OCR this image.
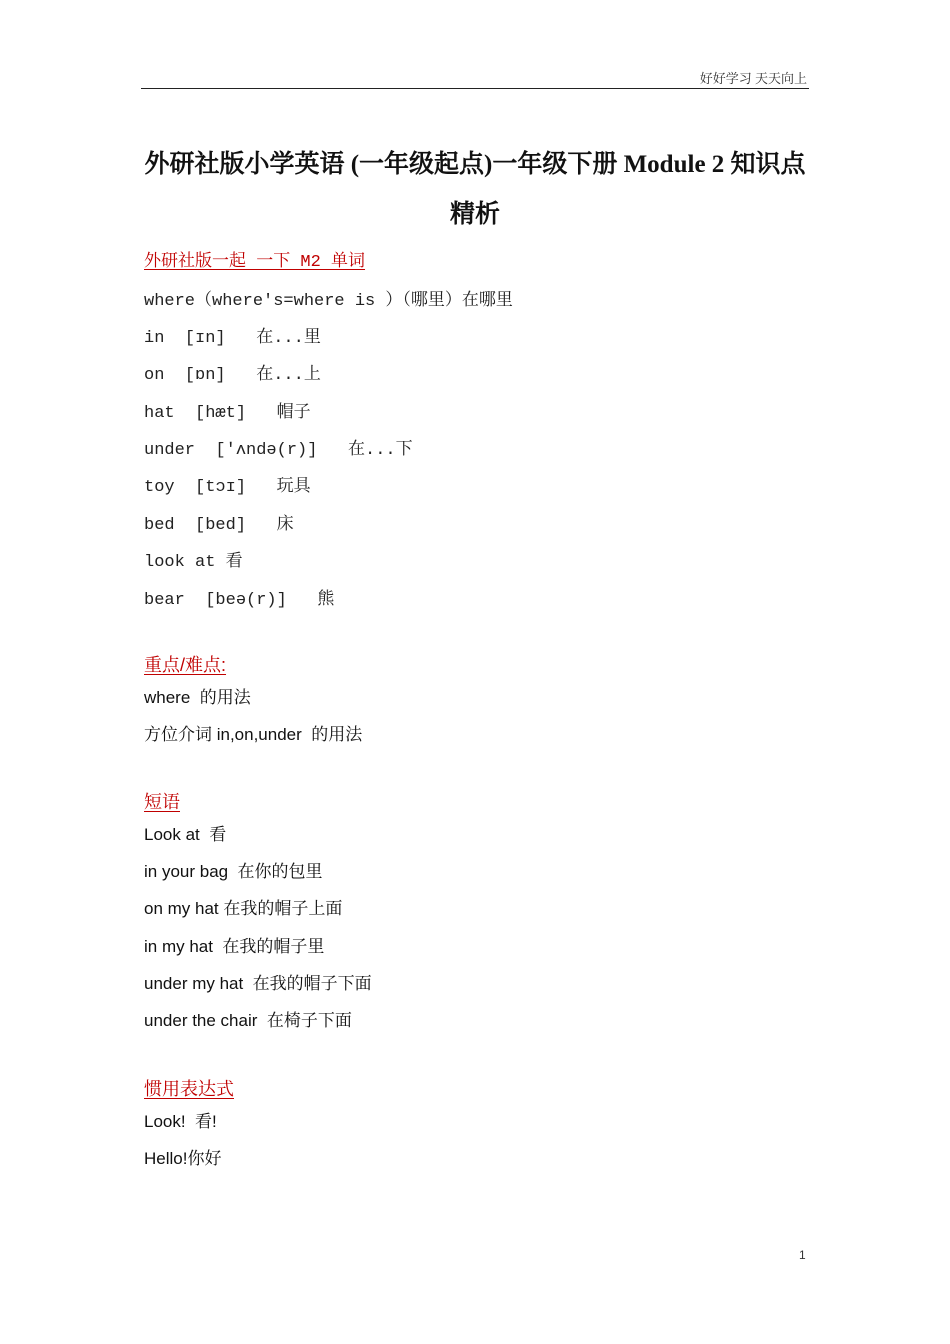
好好学习 天天向上
外研社版小学英语 (一年级起点)一年级下册 Module 2 知识点精析
外研社版一起 一下 M2 单词
where（where's=where is ）（哪里）在哪里
in  [ɪn]   在...里
on  [ɒn]   在...上
hat  [hæt]   帽子
under  [ʹʌndə(r)]   在...下
toy  [tɔɪ]   玩具
bed  [bed]   床
look at 看
bear  [beə(r)]   熊
重点/难点:
where  的用法
方位介词 in,on,under  的用法
短语
Look at  看
in your bag  在你的包里
on my hat 在我的帽子上面
in my hat  在我的帽子里
under my hat  在我的帽子下面
under the chair  在椅子下面
惯用表达式
Look!  看!
Hello!你好
1
